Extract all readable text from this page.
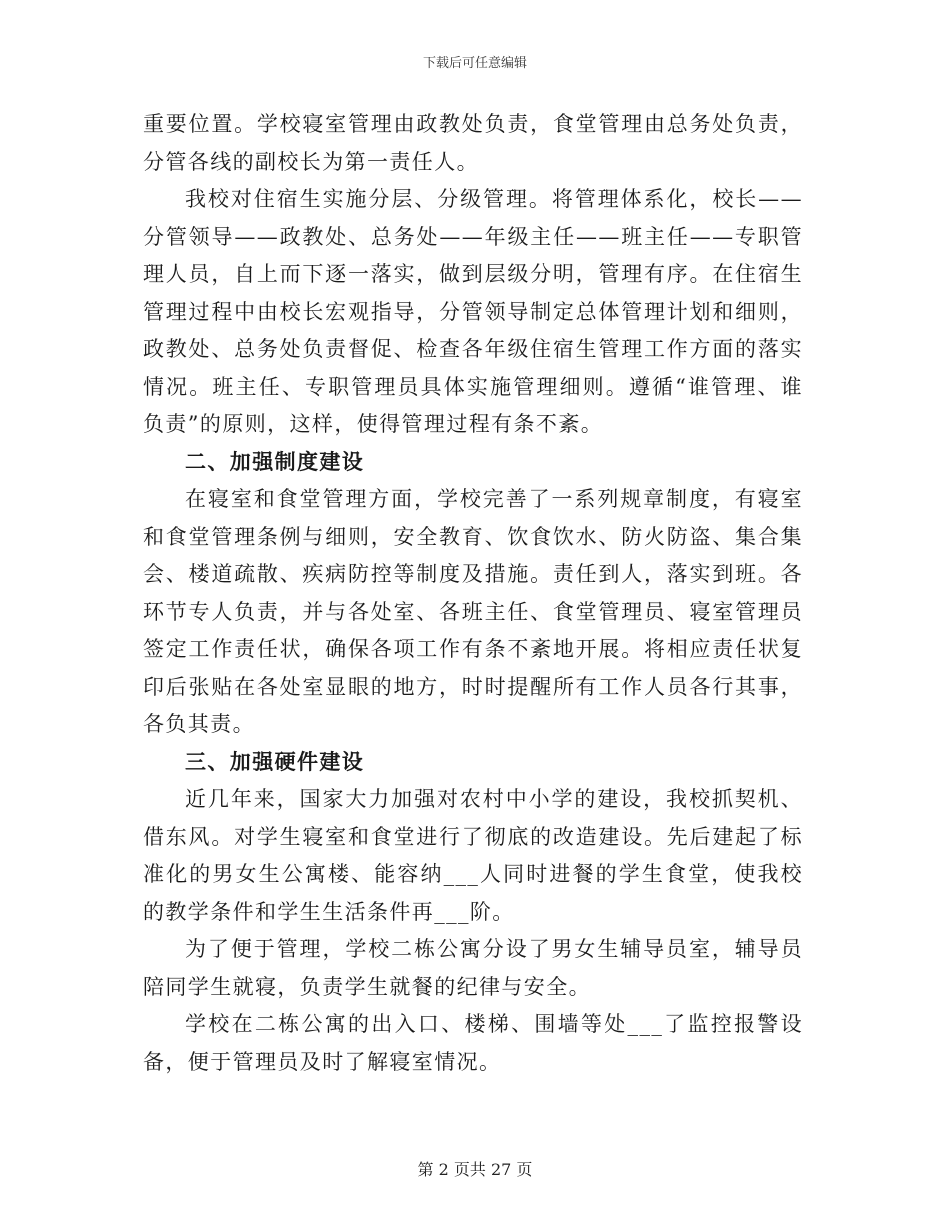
下载后可任意编辑

重要位置。学校寝室管理由政教处负责，食堂管理由总务处负责，分管各线的副校长为第一责任人。

我校对住宿生实施分层、分级管理。将管理体系化，校长——分管领导——政教处、总务处——年级主任——班主任——专职管理人员，自上而下逐一落实，做到层级分明，管理有序。在住宿生管理过程中由校长宏观指导，分管领导制定总体管理计划和细则，政教处、总务处负责督促、检查各年级住宿生管理工作方面的落实情况。班主任、专职管理员具体实施管理细则。遵循“谁管理、谁负责”的原则，这样，使得管理过程有条不紊。

二、加强制度建设

在寝室和食堂管理方面，学校完善了一系列规章制度，有寝室和食堂管理条例与细则，安全教育、饮食饮水、防火防盗、集合集会、楼道疏散、疾病防控等制度及措施。责任到人，落实到班。各环节专人负责，并与各处室、各班主任、食堂管理员、寝室管理员签定工作责任状，确保各项工作有条不紊地开展。将相应责任状复印后张贴在各处室显眼的地方，时时提醒所有工作人员各行其事，各负其责。

三、加强硬件建设

近几年来，国家大力加强对农村中小学的建设，我校抓契机、借东风。对学生寝室和食堂进行了彻底的改造建设。先后建起了标准化的男女生公寓楼、能容纳___人同时进餐的学生食堂，使我校的教学条件和学生生活条件再___阶。

为了便于管理，学校二栋公寓分设了男女生辅导员室，辅导员陪同学生就寝，负责学生就餐的纪律与安全。

学校在二栋公寓的出入口、楼梯、围墙等处___了监控报警设备，便于管理员及时了解寝室情况。

第 2 页共 27 页
